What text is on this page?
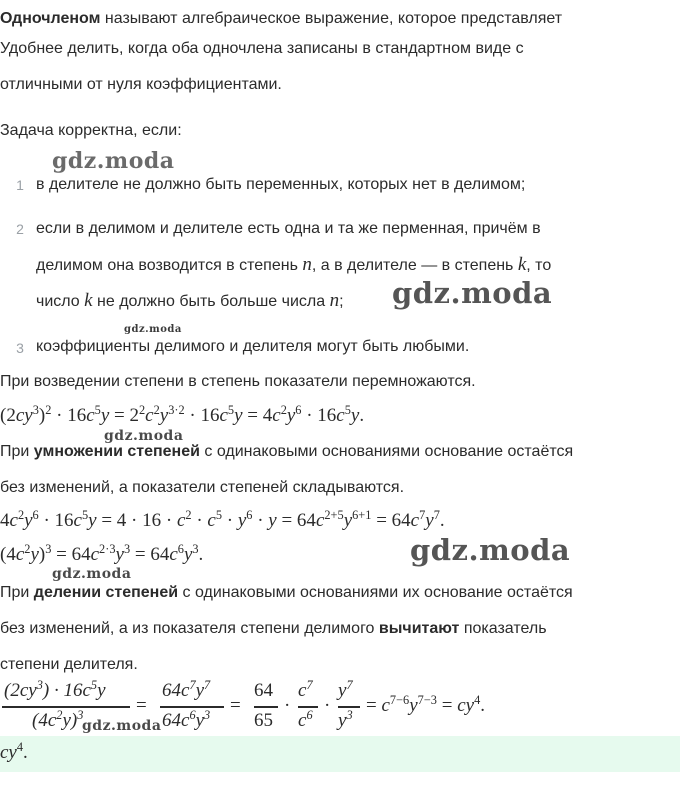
Одночленом называют алгебраическое выражение, которое представляет
Удобнее делить, когда оба одночлена записаны в стандартном виде с
отличными от нуля коэффициентами.
Задача корректна, если:
gdz.moda
1 в делителе не должно быть переменных, которых нет в делимом;
2 если в делимом и делителе есть одна и та же перменная, причём в
делимом она возводится в степень n, а в делителе — в степень k, то
число k не должно быть больше числа n; gdz.moda
gdz.moda
3 коэффициенты делимого и делителя могут быть любыми.
При возведении степени в степень показатели перемножаются.
$(2cy^3)^2 \cdot 16c^5y = 2^2c^2y^{3\cdot 2} \cdot 16c^5y = 4c^2y^6 \cdot 16c^5y$.
gdz.moda
При умножении степеней с одинаковыми основаниями основание остаётся
без изменений, а показатели степеней складываются.
$4c^2y^6 \cdot 16c^5y = 4 \cdot 16 \cdot c^2 \cdot c^5 \cdot y^6 \cdot y = 64c^{2+5}y^{6+1} = 64c^7y^7$.
$(4c^2y)^3 = 64c^{2\cdot 3}y^3 = 64c^6y^3$.	gdz.moda
gdz.moda
При делении степеней с одинаковыми основаниями их основание остаётся
без изменений, а из показателя степени делимого вычитают показатель
степени делителя.
$(2cy^3) \cdot 16c^5y$
$(4c^2y)^3$	=
$64c^7y^7$
$64c^6y^3$ =
64
65
·
$c^7$
$c^6$ ·
$y^7$
$y^3 = c^{7-6}y^{7-3} = cy^4$.
gdz.moda
$cy^4$.
